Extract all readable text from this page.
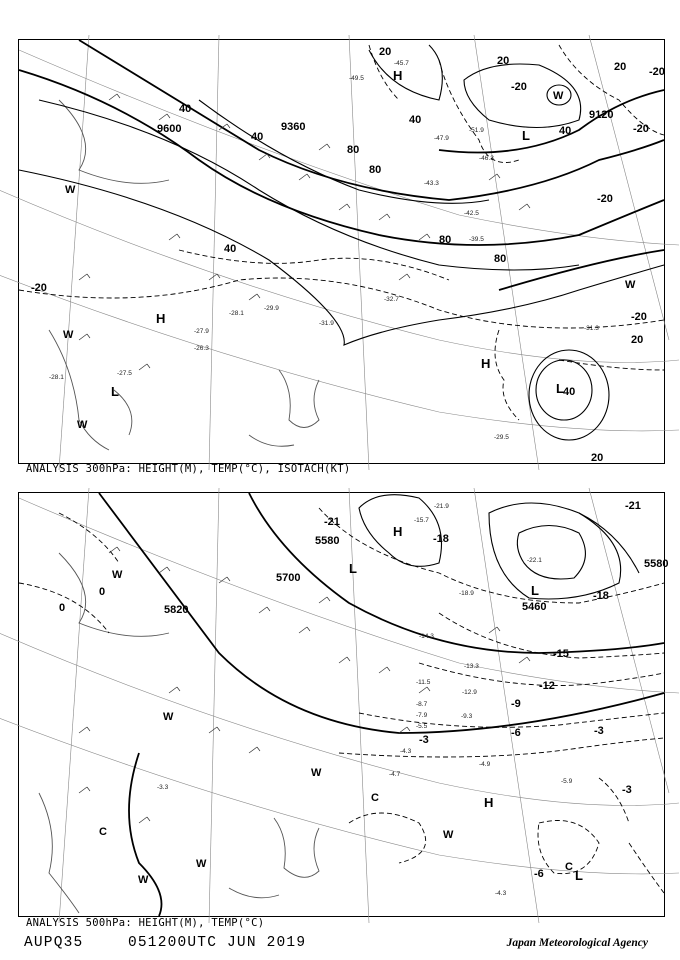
9600	9360
9120
40
40
40
80
80
80
80
40
40
20	20
20
20
20
40
-20
-20
-20
-20
-20
-20
H
H
H
L
L
L
W
W
W
W
W
-45.7
-49.5
-47.9
-51.9
-46.3
-43.3
-42.5
-39.5
-32.7
-31.9
-29.9
-28.1
-26.3
-27.9	-31.3
-29.5
-28.1
-27.5
ANALYSIS 300hPa: HEIGHT(M), TEMP(°C), ISOTACH(KT)
5700
5580
5460
5580
5820
-21
-18
-18
-15
-12
-9
-6	-3
-3
-6
-3
-21
0
0
H
H
L
L
L
C
C
C
W
W
W
W
W
W
-15.7
-21.9
-22.1
-18.9
-14.3
-13.3
-12.9
-11.5
-9.3
-8.7
-7.9
-5.5
-4.9
-4.3
-4.7
-3.3
-5.9
-4.3
ANALYSIS 500hPa: HEIGHT(M), TEMP(°C)
AUPQ35	051200UTC JUN 2019	Japan Meteorological Agency
